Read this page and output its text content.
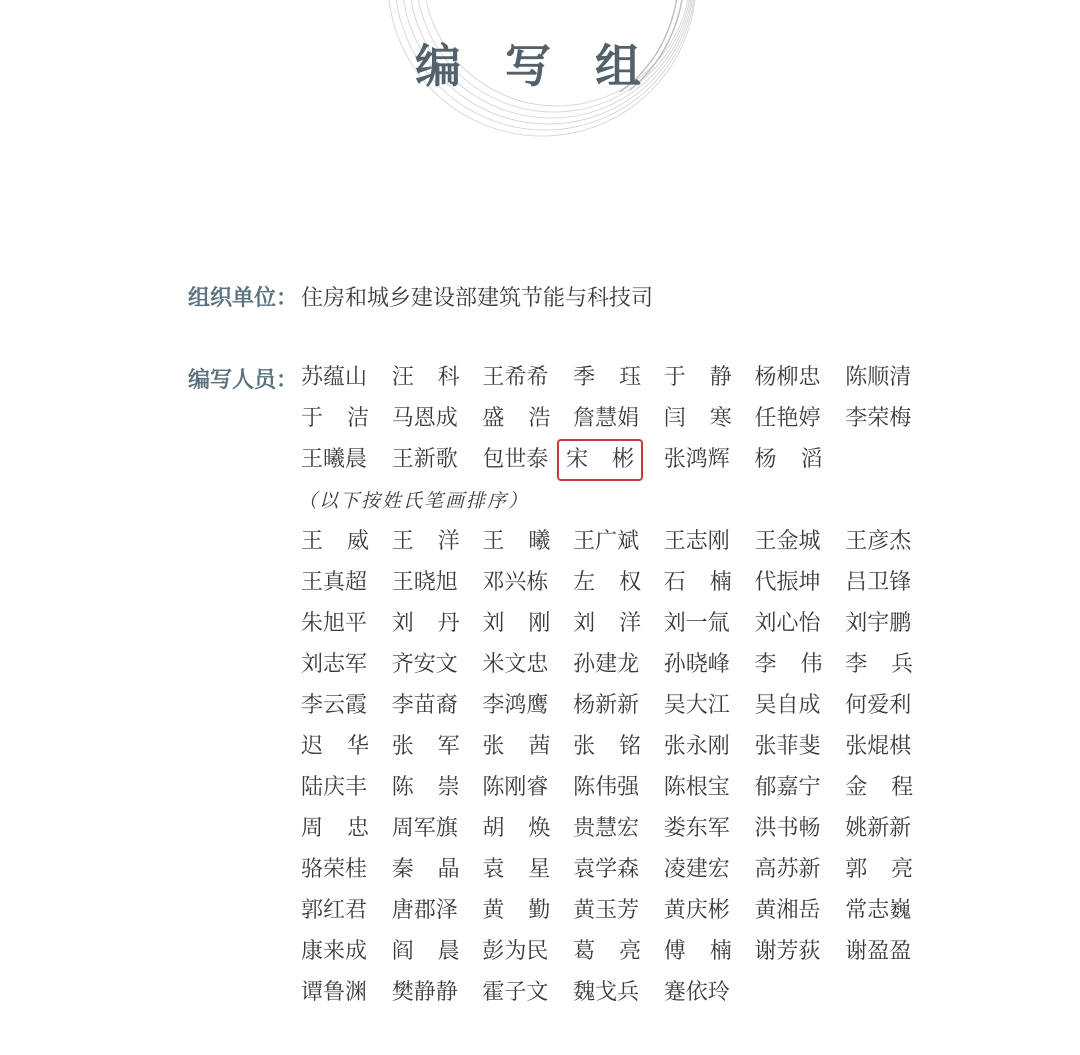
编写组
组织单位： 住房和城乡建设部建筑节能与科技司
编写人员： 苏蕴山 汪 科 王希希 季 珏 于 静 杨柳忠 陈顺清
于 洁 马恩成 盛 浩 詹慧娟 闫 寒 任艳婷 李荣梅
王曦晨 王新歌 包世泰 宋 彬 张鸿辉 杨 滔
（以下按姓氏笔画排序）
王 威 王 洋 王 曦 王广斌 王志刚 王金城 王彦杰
王真超 王晓旭 邓兴栋 左 权 石 楠 代振坤 吕卫锋
朱旭平 刘 丹 刘 刚 刘 洋 刘一氚 刘心怡 刘宇鹏
刘志军 齐安文 米文忠 孙建龙 孙晓峰 李 伟 李 兵
李云霞 李苗裔 李鸿鹰 杨新新 吴大江 吴自成 何爱利
迟 华 张 军 张 茜 张 铭 张永刚 张菲斐 张焜棋
陆庆丰 陈 崇 陈刚睿 陈伟强 陈根宝 郁嘉宁 金 程
周 忠 周军旗 胡 焕 贵慧宏 娄东军 洪书畅 姚新新
骆荣桂 秦 晶 袁 星 袁学森 凌建宏 高苏新 郭 亮
郭红君 唐郡泽 黄 勤 黄玉芳 黄庆彬 黄湘岳 常志巍
康来成 阎 晨 彭为民 葛 亮 傅 楠 谢芳荻 谢盈盈
谭鲁渊 樊静静 霍子文 魏戈兵 蹇依玲
